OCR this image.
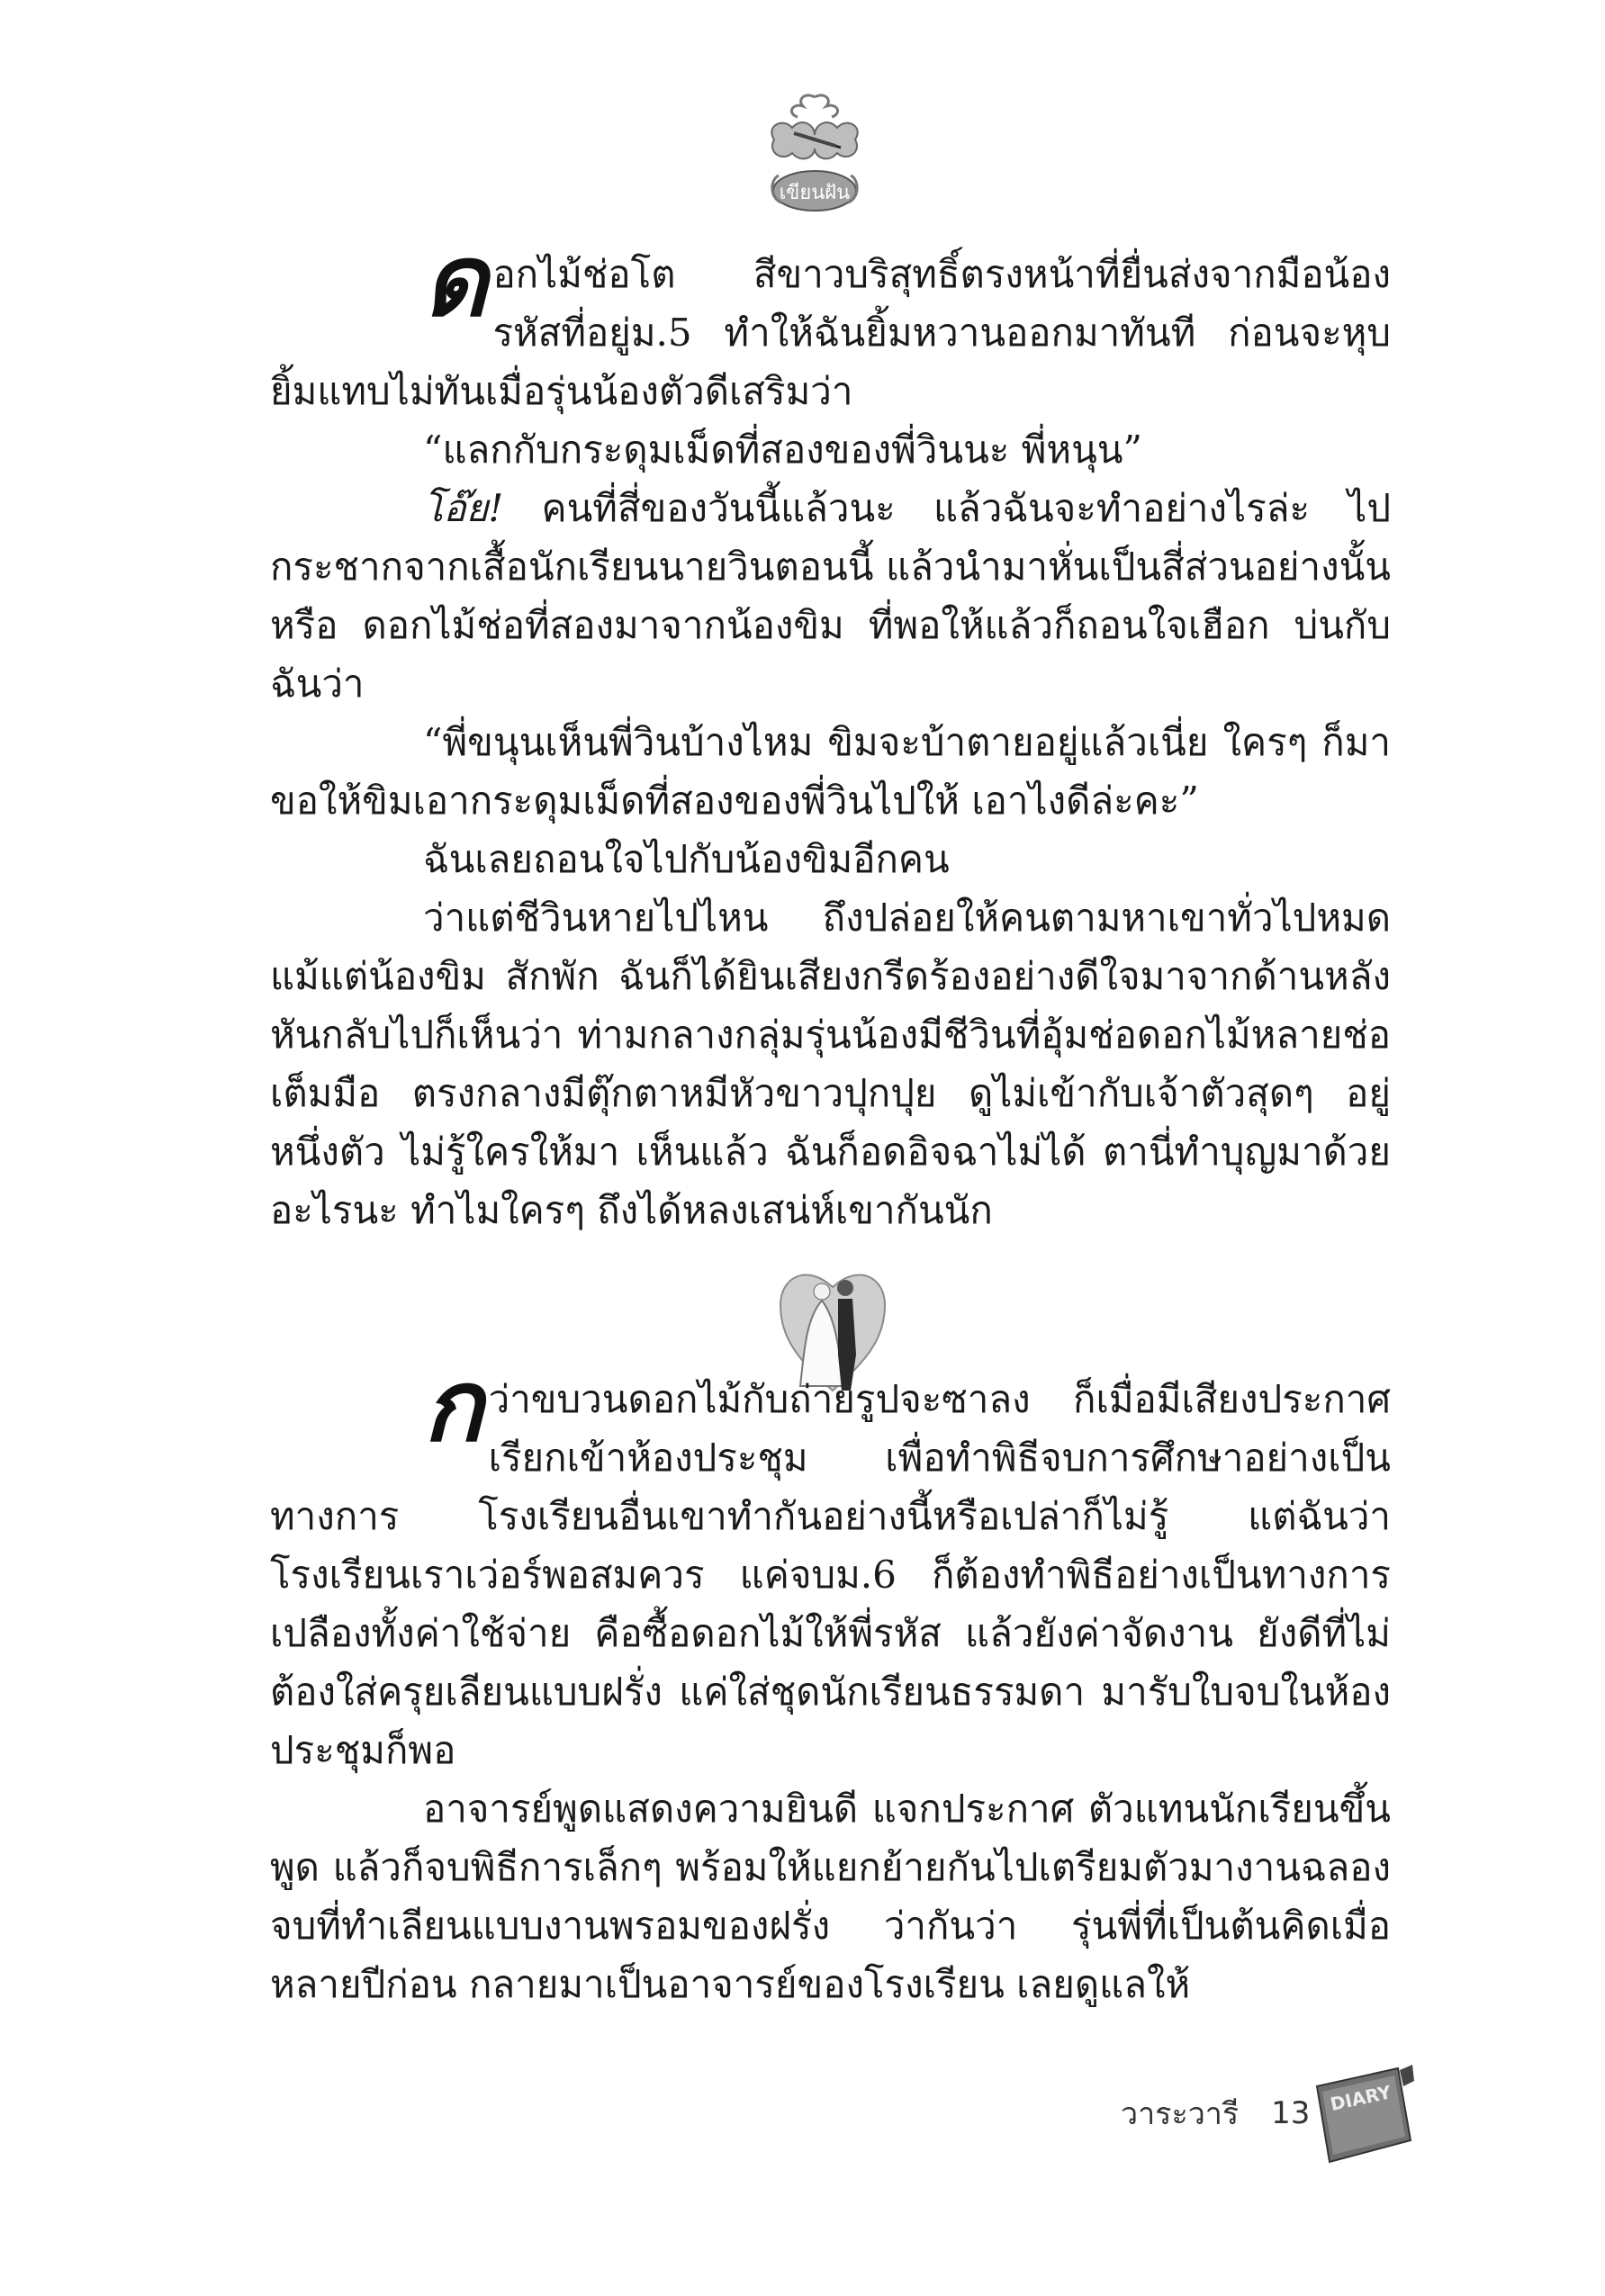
เขียนฝัน

ดอกไม้ช่อโต สีขาวบริสุทธิ์ตรงหน้าที่ยื่นส่งจากมือน้องรหัสที่อยู่ม.5 ทำให้ฉันยิ้มหวานออกมาทันที ก่อนจะหุบยิ้มแทบไม่ทันเมื่อรุ่นน้องตัวดีเสริมว่า

“แลกกับกระดุมเม็ดที่สองของพี่วินนะ พี่หนุน”

โอ๊ย! คนที่สี่ของวันนี้แล้วนะ แล้วฉันจะทำอย่างไรล่ะ ไปกระชากจากเสื้อนักเรียนนายวินตอนนี้ แล้วนำมาหั่นเป็นสี่ส่วนอย่างนั้นหรือ ดอกไม้ช่อที่สองมาจากน้องขิม ที่พอให้แล้วก็ถอนใจเฮือก บ่นกับฉันว่า

“พี่ขนุนเห็นพี่วินบ้างไหม ขิมจะบ้าตายอยู่แล้วเนี่ย ใครๆ ก็มาขอให้ขิมเอากระดุมเม็ดที่สองของพี่วินไปให้ เอาไงดีล่ะคะ”

ฉันเลยถอนใจไปกับน้องขิมอีกคน

ว่าแต่ชีวินหายไปไหน ถึงปล่อยให้คนตามหาเขาทั่วไปหมด แม้แต่น้องขิม สักพัก ฉันก็ได้ยินเสียงกรีดร้องอย่างดีใจมาจากด้านหลัง หันกลับไปก็เห็นว่า ท่ามกลางกลุ่มรุ่นน้องมีชีวินที่อุ้มช่อดอกไม้หลายช่อเต็มมือ ตรงกลางมีตุ๊กตาหมีหัวขาวปุกปุย ดูไม่เข้ากับเจ้าตัวสุดๆ อยู่หนึ่งตัว ไม่รู้ใครให้มา เห็นแล้ว ฉันก็อดอิจฉาไม่ได้ ตานี่ทำบุญมาด้วยอะไรนะ ทำไมใครๆ ถึงได้หลงเสน่ห์เขากันนัก

กว่าขบวนดอกไม้กับถ่ายรูปจะซาลง ก็เมื่อมีเสียงประกาศเรียกเข้าห้องประชุม เพื่อทำพิธีจบการศึกษาอย่างเป็นทางการ โรงเรียนอื่นเขาทำกันอย่างนี้หรือเปล่าก็ไม่รู้ แต่ฉันว่าโรงเรียนเราเว่อร์พอสมควร แค่จบม.6 ก็ต้องทำพิธีอย่างเป็นทางการ เปลืองทั้งค่าใช้จ่าย คือซื้อดอกไม้ให้พี่รหัส แล้วยังค่าจัดงาน ยังดีที่ไม่ต้องใส่ครุยเลียนแบบฝรั่ง แค่ใส่ชุดนักเรียนธรรมดา มารับใบจบในห้องประชุมก็พอ

อาจารย์พูดแสดงความยินดี แจกประกาศ ตัวแทนนักเรียนขึ้นพูด แล้วก็จบพิธีการเล็กๆ พร้อมให้แยกย้ายกันไปเตรียมตัวมางานฉลองจบที่ทำเลียนแบบงานพรอมของฝรั่ง ว่ากันว่า รุ่นพี่ที่เป็นต้นคิดเมื่อหลายปีก่อน กลายมาเป็นอาจารย์ของโรงเรียน เลยดูแลให้

วาระวารี 13 DIARY
